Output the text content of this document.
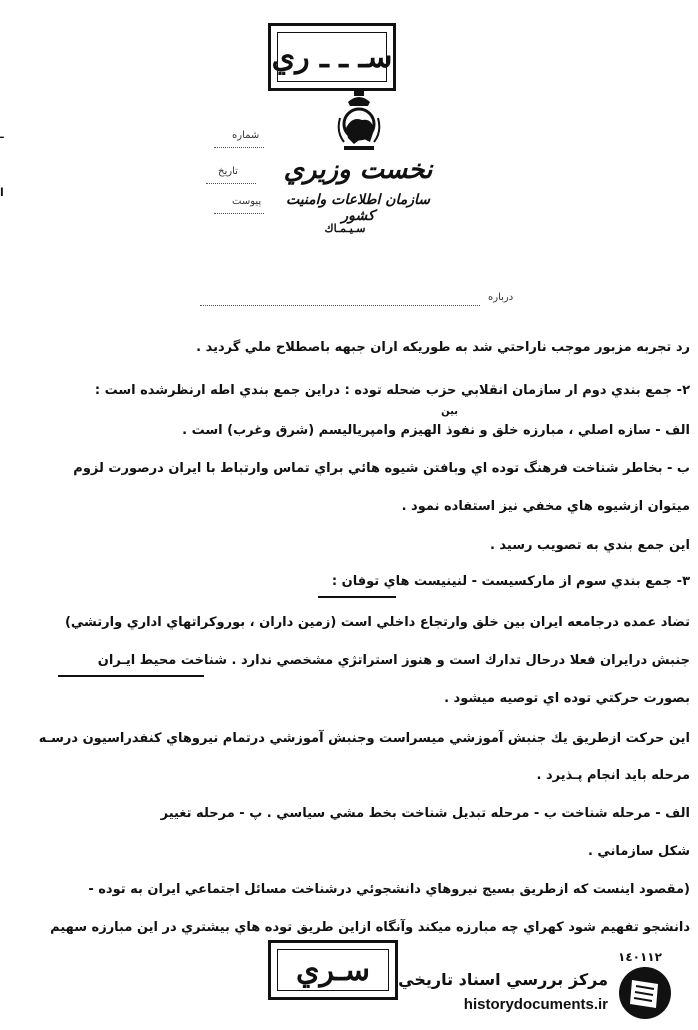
سـ ـ ـ ري
نخست وزيري
سازمان اطلاعات وامنيت كشور
سـيـمـاك
شماره
تاريخ
پيوست
درباره
ـ
ا
رد تجربه مزبور موجب ناراحتي شد به طوريكه اران جبهه باصطلاح ملي گرديد .
٢- جمع بندي دوم ار سازمان انقلابي حزب ضحله توده : دراين جمع بندي اطه ارنظرشده است :
بين
الف - سازه اصلي ، مبارزه خلق و نفوذ الهيزم وامپرياليسم (شرق وغرب) است .
ب - بخاطر شناخت فرهنگ توده اي وبافتن شيوه هائي براي تماس وارتباط با ايران درصورت لزوم
ميتوان ازشيوه هاي مخفي نيز استفاده نمود .
اين جمع بندي به تصويب رسيد .
٣- جمع بندي سوم از ماركسيست - لنينيست هاي توفان :
تضاد عمده درجامعه ايران بين خلق وارتجاع داخلي است (زمين داران ، بوروكراتهاي اداري وارتشي)
جنبش درايران فعلا درحال تدارك است و هنوز استراتژي مشخصي ندارد . شناخت محيط ايـران
بصورت حركتي توده اي توصيه ميشود .
اين حركت ازطريق يك جنبش آموزشي ميسراست وجنبش آموزشي درتمام نيروهاي كنفدراسيون درسـه
مرحله بايد انجام پـذيرد .
الف - مرحله شناخت ب - مرحله تبديل شناخت بخط مشي سياسي . پ - مرحله تغيير
شكل سازماني .
(مقصود اينست كه ازطريق بسيج نيروهاي دانشجوئي درشناخت مسائل اجتماعي ايران به توده -
دانشجو تفهيم شود كهراي چه مبارزه ميكند وآنگاه ازاين طريق توده هاي بيشتري در اين مبارزه سهيم
سـري	١٤٠١١٢
مركز بررسي اسناد تاريخي
historydocuments.ir
